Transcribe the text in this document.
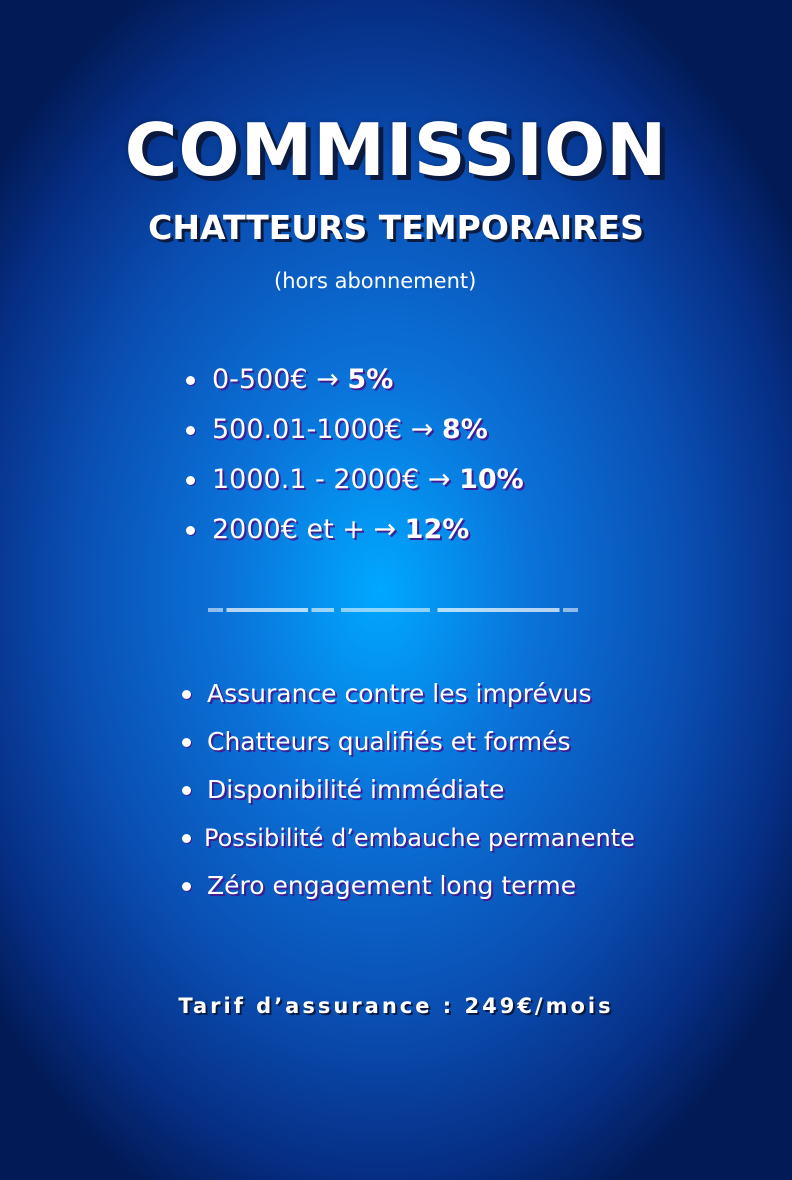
COMMISSION
CHATTEURS TEMPORAIRES
(hors abonnement)
0-500€ → 5%
500.01-1000€ → 8%
1000.1 - 2000€ → 10%
2000€ et + → 12%
Assurance contre les imprévus
Chatteurs qualifiés et formés
Disponibilité immédiate
Possibilité d’embauche permanente
Zéro engagement long terme
Tarif d’assurance : 249€/mois
